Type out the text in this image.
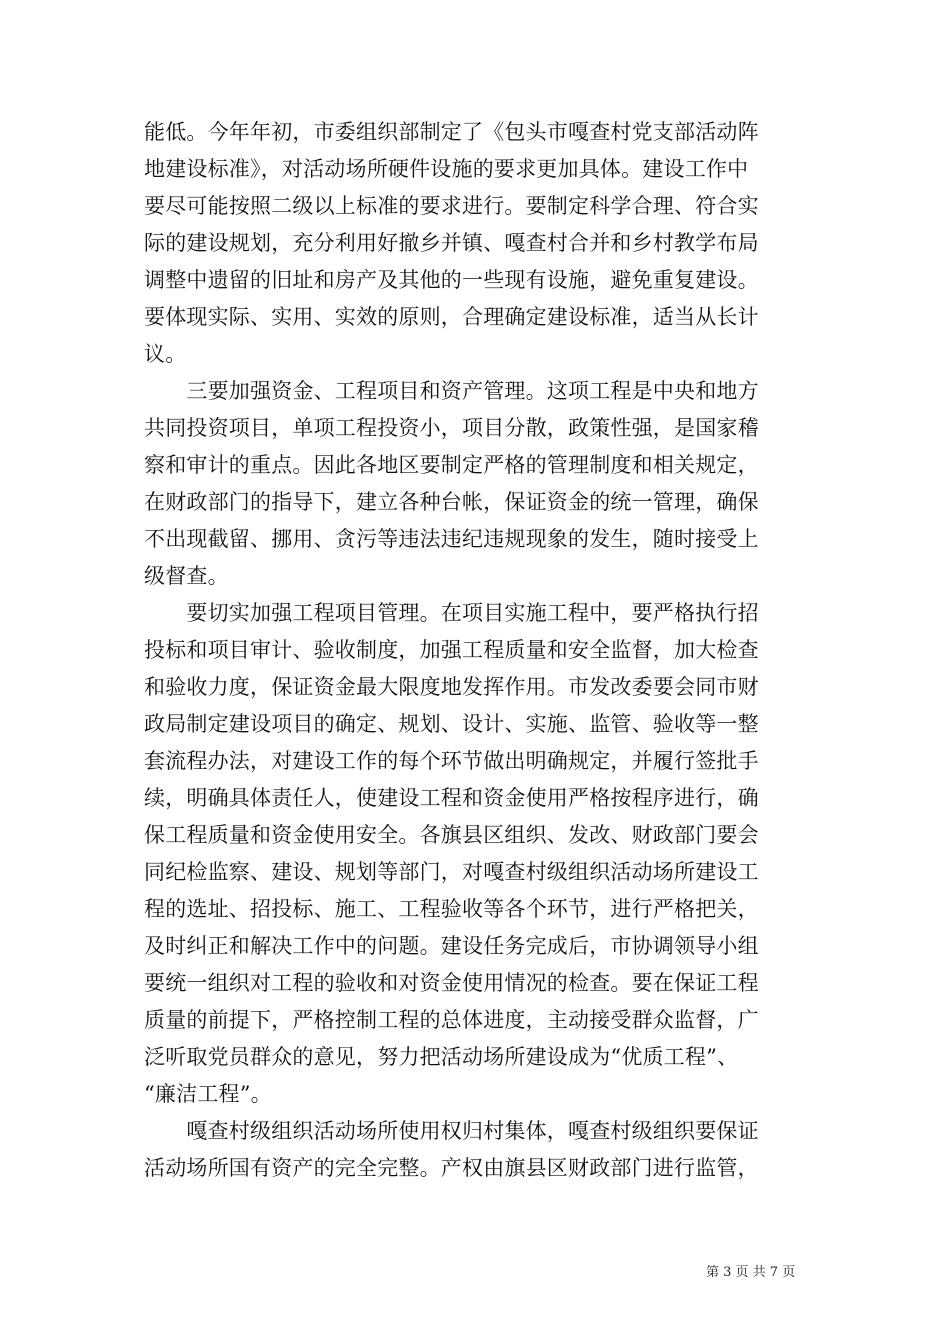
能低。今年年初，市委组织部制定了《包头市嘎查村党支部活动阵
地建设标准》，对活动场所硬件设施的要求更加具体。建设工作中
要尽可能按照二级以上标准的要求进行。要制定科学合理、符合实
际的建设规划，充分利用好撤乡并镇、嘎查村合并和乡村教学布局
调整中遗留的旧址和房产及其他的一些现有设施，避免重复建设。
要体现实际、实用、实效的原则，合理确定建设标准，适当从长计
议。
　　三要加强资金、工程项目和资产管理。这项工程是中央和地方
共同投资项目，单项工程投资小，项目分散，政策性强，是国家稽
察和审计的重点。因此各地区要制定严格的管理制度和相关规定，
在财政部门的指导下，建立各种台帐，保证资金的统一管理，确保
不出现截留、挪用、贪污等违法违纪违规现象的发生，随时接受上
级督查。
　　要切实加强工程项目管理。在项目实施工程中，要严格执行招
投标和项目审计、验收制度，加强工程质量和安全监督，加大检查
和验收力度，保证资金最大限度地发挥作用。市发改委要会同市财
政局制定建设项目的确定、规划、设计、实施、监管、验收等一整
套流程办法，对建设工作的每个环节做出明确规定，并履行签批手
续，明确具体责任人，使建设工程和资金使用严格按程序进行，确
保工程质量和资金使用安全。各旗县区组织、发改、财政部门要会
同纪检监察、建设、规划等部门，对嘎查村级组织活动场所建设工
程的选址、招投标、施工、工程验收等各个环节，进行严格把关，
及时纠正和解决工作中的问题。建设任务完成后，市协调领导小组
要统一组织对工程的验收和对资金使用情况的检查。要在保证工程
质量的前提下，严格控制工程的总体进度，主动接受群众监督，广
泛听取党员群众的意见，努力把活动场所建设成为“优质工程”、
“廉洁工程”。
　　嘎查村级组织活动场所使用权归村集体，嘎查村级组织要保证
活动场所国有资产的完全完整。产权由旗县区财政部门进行监管，
第 3 页 共 7 页
